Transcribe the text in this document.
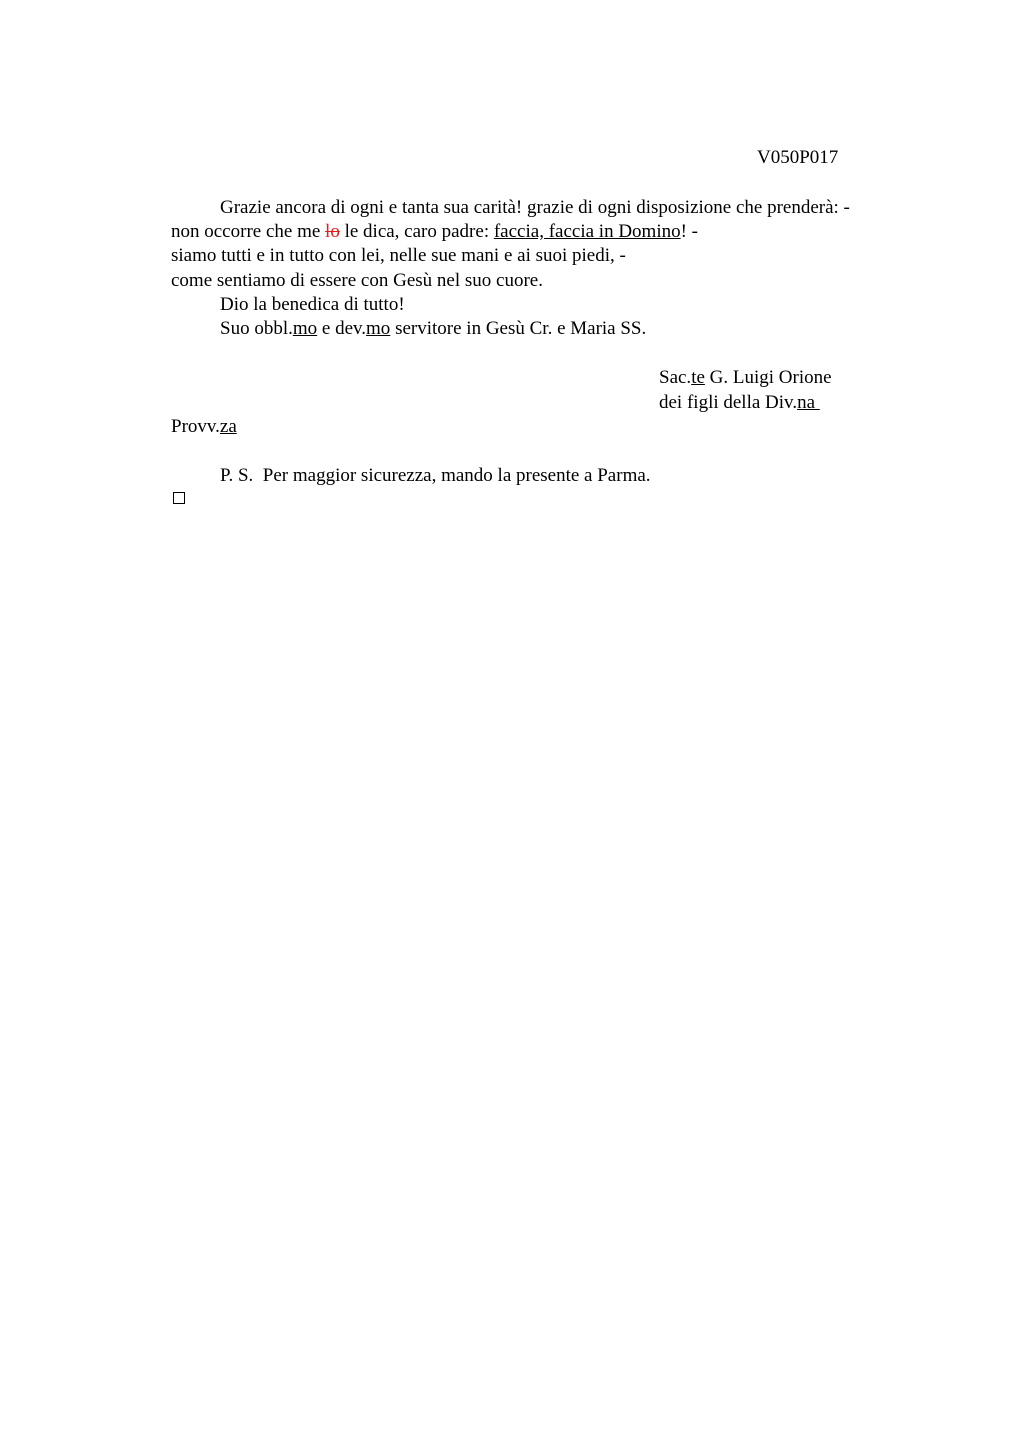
V050P017
Grazie ancora di ogni e tanta sua carità! grazie di ogni disposizione che prenderà: -
non occorre che me lo le dica, caro padre: faccia, faccia in Domino! -
siamo tutti e in tutto con lei, nelle sue mani e ai suoi piedi, -
come sentiamo di essere con Gesù nel suo cuore.
Dio la benedica di tutto!
Suo obbl.mo e dev.mo servitore in Gesù Cr. e Maria SS.
Sac.te G. Luigi Orione
dei figli della Div.na
Provv.za
P. S.  Per maggior sicurezza, mando la presente a Parma.
